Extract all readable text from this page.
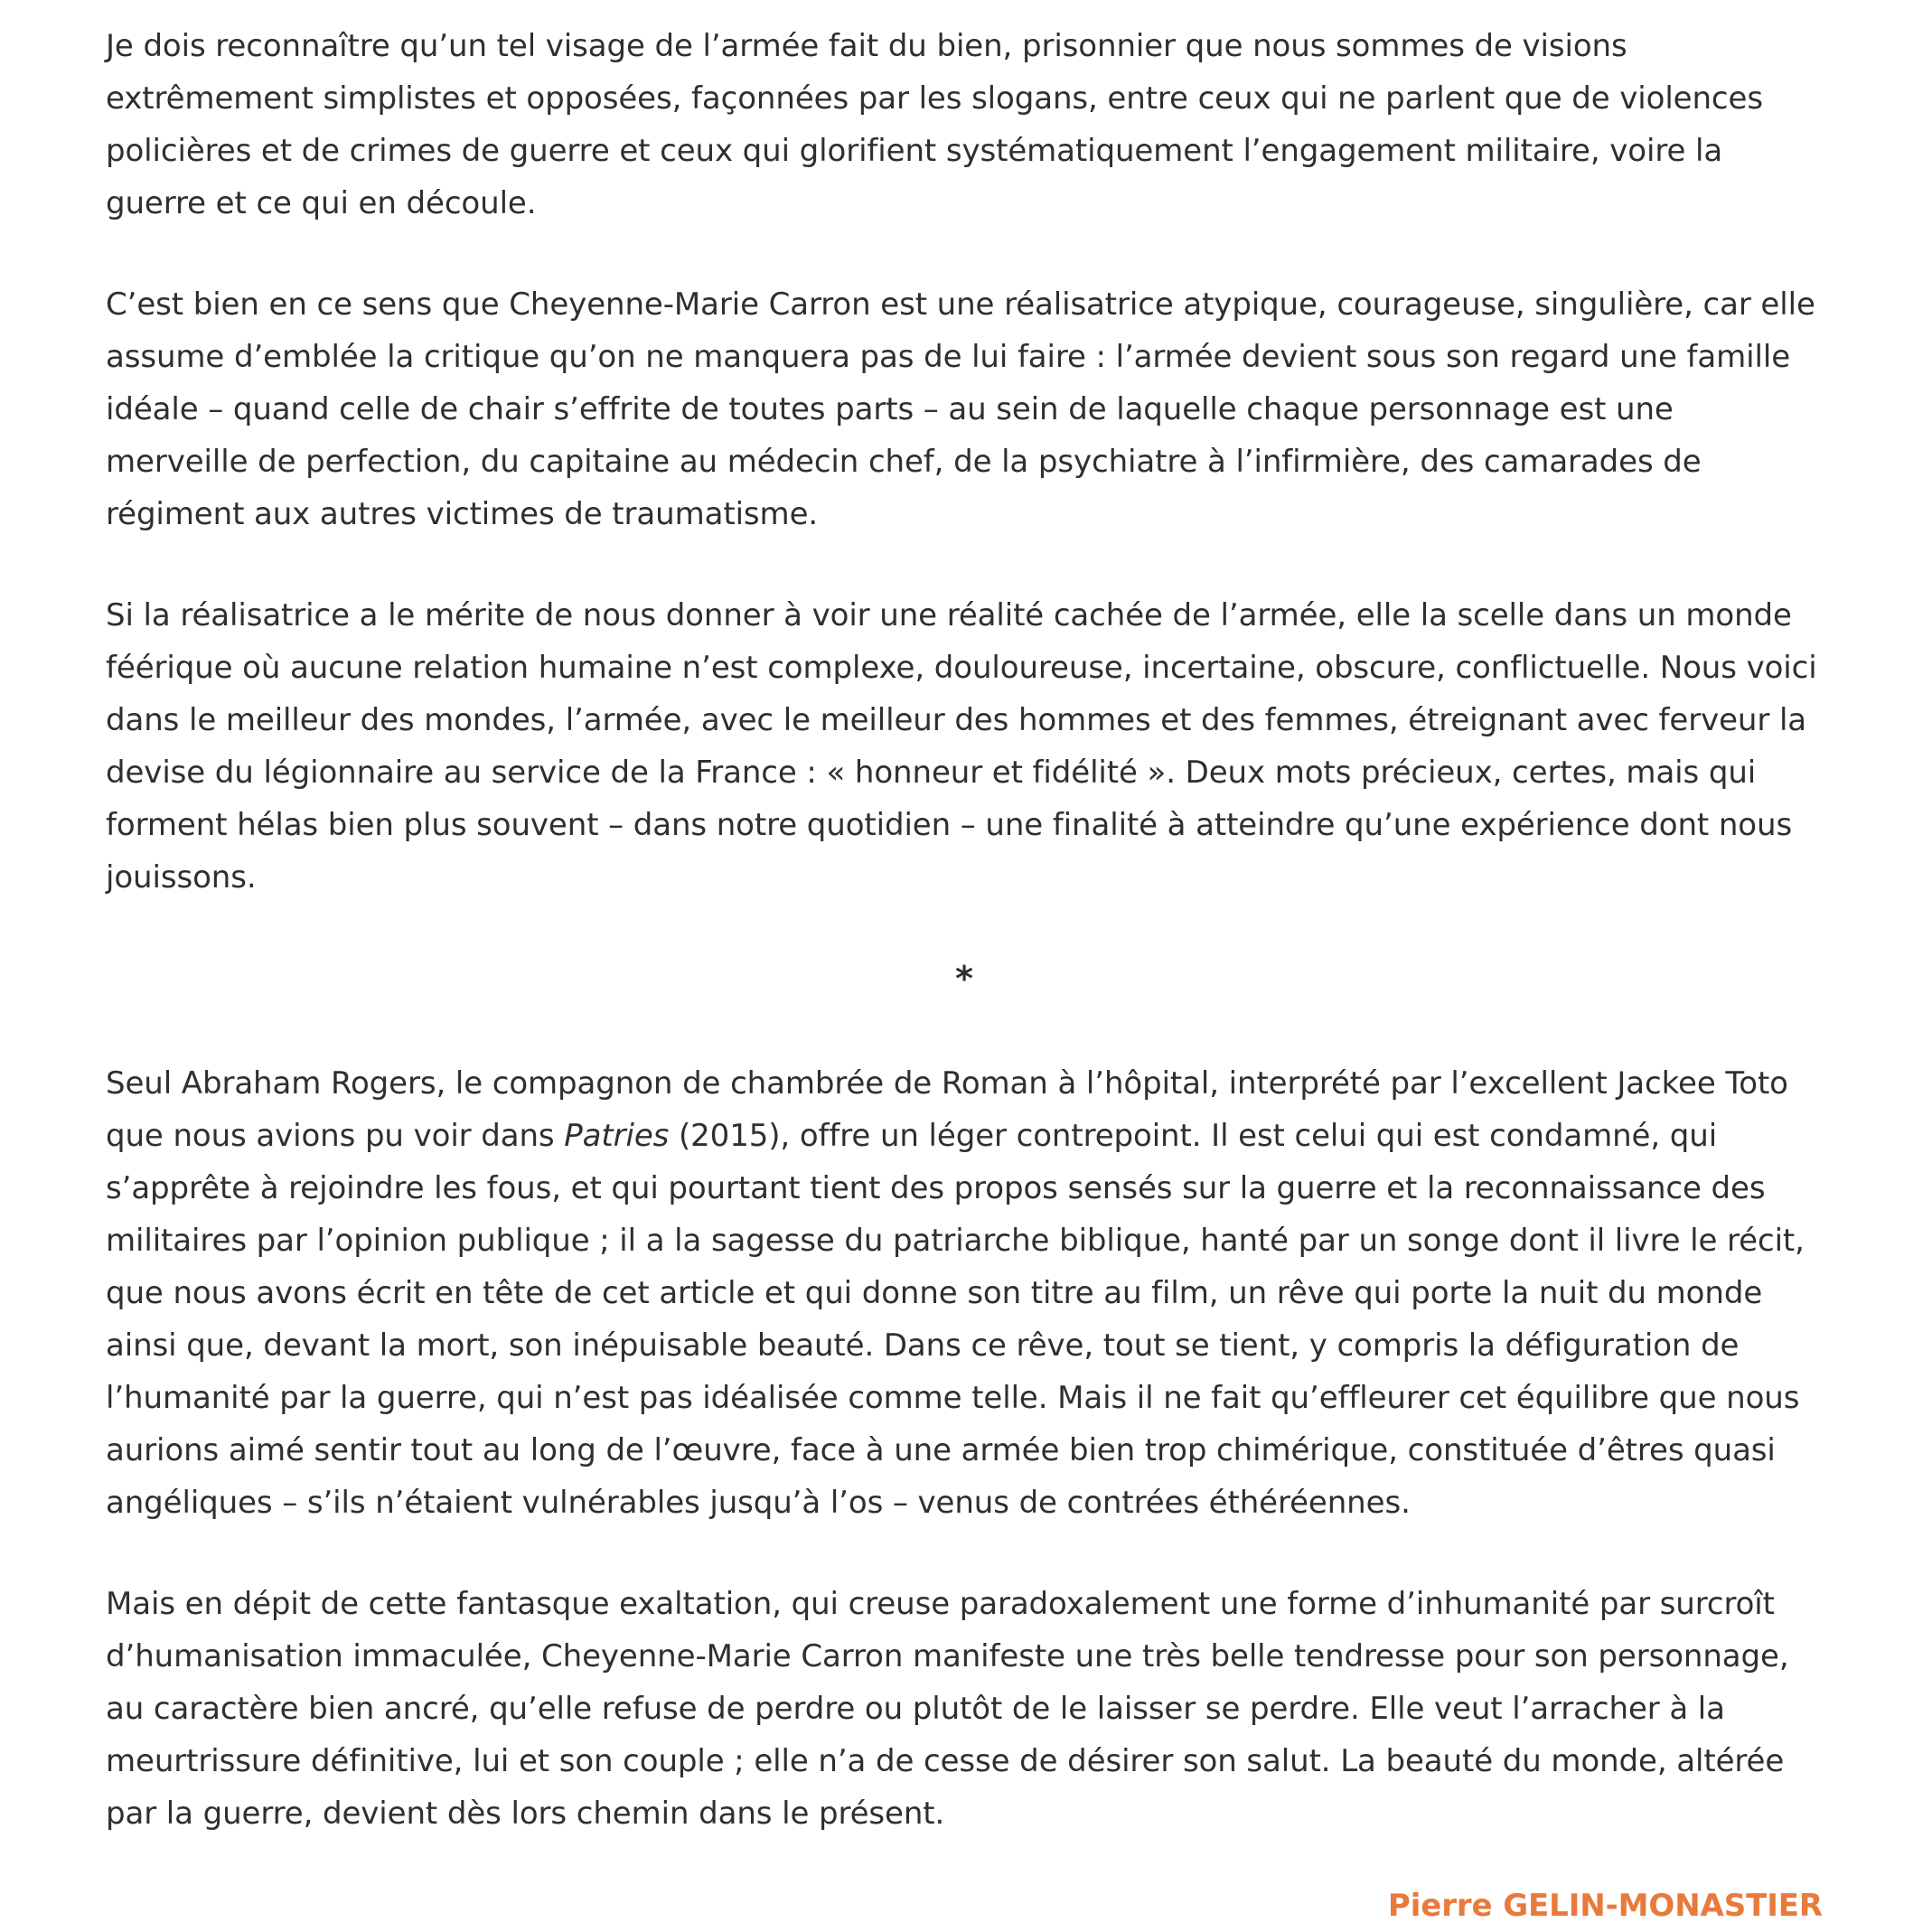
Je dois reconnaître qu’un tel visage de l’armée fait du bien, prisonnier que nous sommes de visions extrêmement simplistes et opposées, façonnées par les slogans, entre ceux qui ne parlent que de violences policières et de crimes de guerre et ceux qui glorifient systématiquement l’engagement militaire, voire la guerre et ce qui en découle.

C’est bien en ce sens que Cheyenne-Marie Carron est une réalisatrice atypique, courageuse, singulière, car elle assume d’emblée la critique qu’on ne manquera pas de lui faire : l’armée devient sous son regard une famille idéale – quand celle de chair s’effrite de toutes parts – au sein de laquelle chaque personnage est une merveille de perfection, du capitaine au médecin chef, de la psychiatre à l’infirmière, des camarades de régiment aux autres victimes de traumatisme.

Si la réalisatrice a le mérite de nous donner à voir une réalité cachée de l’armée, elle la scelle dans un monde féérique où aucune relation humaine n’est complexe, douloureuse, incertaine, obscure, conflictuelle. Nous voici dans le meilleur des mondes, l’armée, avec le meilleur des hommes et des femmes, étreignant avec ferveur la devise du légionnaire au service de la France : « honneur et fidélité ». Deux mots précieux, certes, mais qui forment hélas bien plus souvent – dans notre quotidien – une finalité à atteindre qu’une expérience dont nous jouissons.

*

Seul Abraham Rogers, le compagnon de chambrée de Roman à l’hôpital, interprété par l’excellent Jackee Toto que nous avions pu voir dans Patries (2015), offre un léger contrepoint. Il est celui qui est condamné, qui s’apprête à rejoindre les fous, et qui pourtant tient des propos sensés sur la guerre et la reconnaissance des militaires par l’opinion publique ; il a la sagesse du patriarche biblique, hanté par un songe dont il livre le récit, que nous avons écrit en tête de cet article et qui donne son titre au film, un rêve qui porte la nuit du monde ainsi que, devant la mort, son inépuisable beauté. Dans ce rêve, tout se tient, y compris la défiguration de l’humanité par la guerre, qui n’est pas idéalisée comme telle. Mais il ne fait qu’effleurer cet équilibre que nous aurions aimé sentir tout au long de l’œuvre, face à une armée bien trop chimérique, constituée d’êtres quasi angéliques – s’ils n’étaient vulnérables jusqu’à l’os – venus de contrées éthéréennes.

Mais en dépit de cette fantasque exaltation, qui creuse paradoxalement une forme d’inhumanité par surcroît d’humanisation immaculée, Cheyenne-Marie Carron manifeste une très belle tendresse pour son personnage, au caractère bien ancré, qu’elle refuse de perdre ou plutôt de le laisser se perdre. Elle veut l’arracher à la meurtrissure définitive, lui et son couple ; elle n’a de cesse de désirer son salut. La beauté du monde, altérée par la guerre, devient dès lors chemin dans le présent.

Pierre GELIN-MONASTIER
